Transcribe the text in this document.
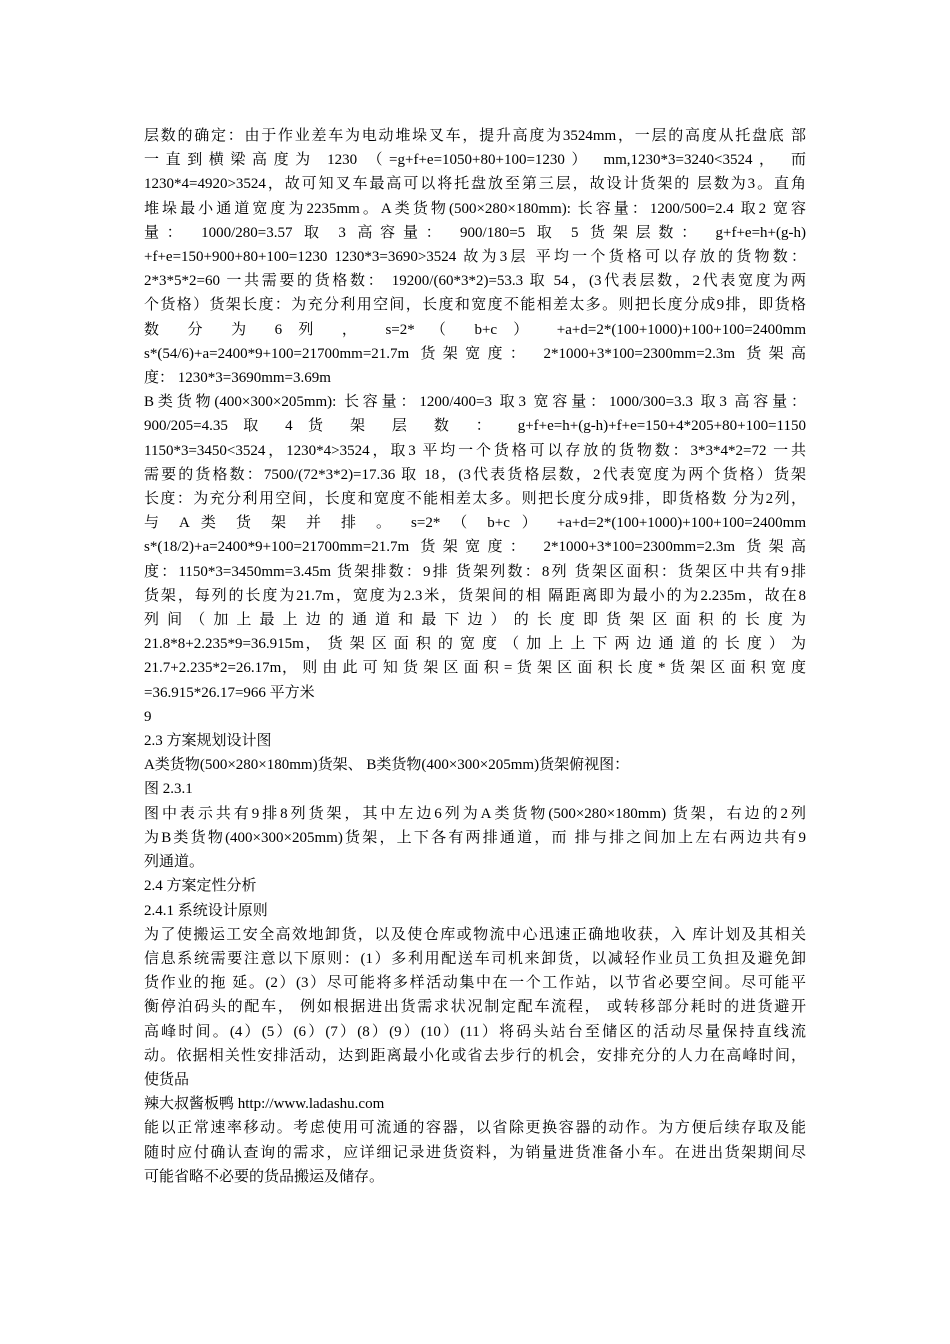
层数的确定：由于作业差车为电动堆垛叉车，提升高度为3524mm，一层的高度从托盘底 部
一直到横梁高度为 1230 （=g+f+e=1050+80+100=1230） mm,1230*3=3240<3524， 而
1230*4=4920>3524，故可知叉车最高可以将托盘放至第三层，故设计货架的 层数为3。直角
堆垛最小通道宽度为2235mm。A类货物(500×280×180mm): 长容量：1200/500=2.4 取2 宽容
量： 1000/280=3.57 取 3 高容量： 900/180=5 取 5 货架层数： g+f+e=h+(g-h)
+f+e=150+900+80+100=1230 1230*3=3690>3524 故为3层 平均一个货格可以存放的货物数：
2*3*5*2=60 一共需要的货格数： 19200/(60*3*2)=53.3 取 54，(3代表层数，2代表宽度为两
个货格）货架长度：为充分利用空间，长度和宽度不能相差太多。则把长度分成9排，即货格
数 分 为 6 列 ， s=2* （ b+c ） +a+d=2*(100+1000)+100+100=2400mm
s*(54/6)+a=2400*9+100=21700mm=21.7m 货架宽度： 2*1000+3*100=2300mm=2.3m 货架高
度： 1230*3=3690mm=3.69m
B类货物(400×300×205mm): 长容量：1200/400=3 取3 宽容量：1000/300=3.3 取3 高容量：
900/205=4.35 取 4 货 架 层 数 ： g+f+e=h+(g-h)+f+e=150+4*205+80+100=1150
1150*3=3450<3524，1230*4>3524，取3 平均一个货格可以存放的货物数：3*3*4*2=72 一共
需要的货格数：7500/(72*3*2)=17.36 取 18，(3代表货格层数，2代表宽度为两个货格）货架
长度：为充分利用空间，长度和宽度不能相差太多。则把长度分成9排，即货格数 分为2列，
与 A 类 货 架 并 排 。 s=2* （ b+c ） +a+d=2*(100+1000)+100+100=2400mm
s*(18/2)+a=2400*9+100=21700mm=21.7m 货架宽度： 2*1000+3*100=2300mm=2.3m 货架高
度：1150*3=3450mm=3.45m 货架排数：9排 货架列数：8列 货架区面积：货架区中共有9排
货架，每列的长度为21.7m，宽度为2.3米，货架间的相 隔距离即为最小的为2.235m，故在8
列 间 （ 加 上 最 上 边 的 通 道 和 最 下 边 ） 的 长 度 即 货 架 区 面 积 的 长 度 为
21.8*8+2.235*9=36.915m， 货 架 区 面 积 的 宽 度 （ 加 上 上 下 两 边 通 道 的 长 度 ） 为
21.7+2.235*2=26.17m， 则 由 此 可 知 货 架 区 面 积 = 货 架 区 面 积 长 度 * 货 架 区 面 积 宽 度
=36.915*26.17=966 平方米
9
2.3 方案规划设计图
A类货物(500×280×180mm)货架、 B类货物(400×300×205mm)货架俯视图：
图 2.3.1
图中表示共有9排8列货架，其中左边6列为A类货物(500×280×180mm) 货架，右边的2列
为B类货物(400×300×205mm)货架，上下各有两排通道，而 排与排之间加上左右两边共有9
列通道。
2.4 方案定性分析
2.4.1 系统设计原则
为了使搬运工安全高效地卸货，以及使仓库或物流中心迅速正确地收获，入 库计划及其相关
信息系统需要注意以下原则：(1）多利用配送车司机来卸货，以减轻作业员工负担及避免卸
货作业的拖 延。(2）(3）尽可能将多样活动集中在一个工作站，以节省必要空间。尽可能平
衡停泊码头的配车， 例如根据进出货需求状况制定配车流程， 或转移部分耗时的进货避开
高峰时间。(4）(5）(6）(7）(8）(9）(10）(11）将码头站台至储区的活动尽量保持直线流
动。依据相关性安排活动，达到距离最小化或省去步行的机会，安排充分的人力在高峰时间，
使货品
辣大叔酱板鸭 http://www.ladashu.com
能以正常速率移动。考虑使用可流通的容器，以省除更换容器的动作。为方便后续存取及能
随时应付确认查询的需求，应详细记录进货资料，为销量进货准备小车。在进出货架期间尽
可能省略不必要的货品搬运及储存。
